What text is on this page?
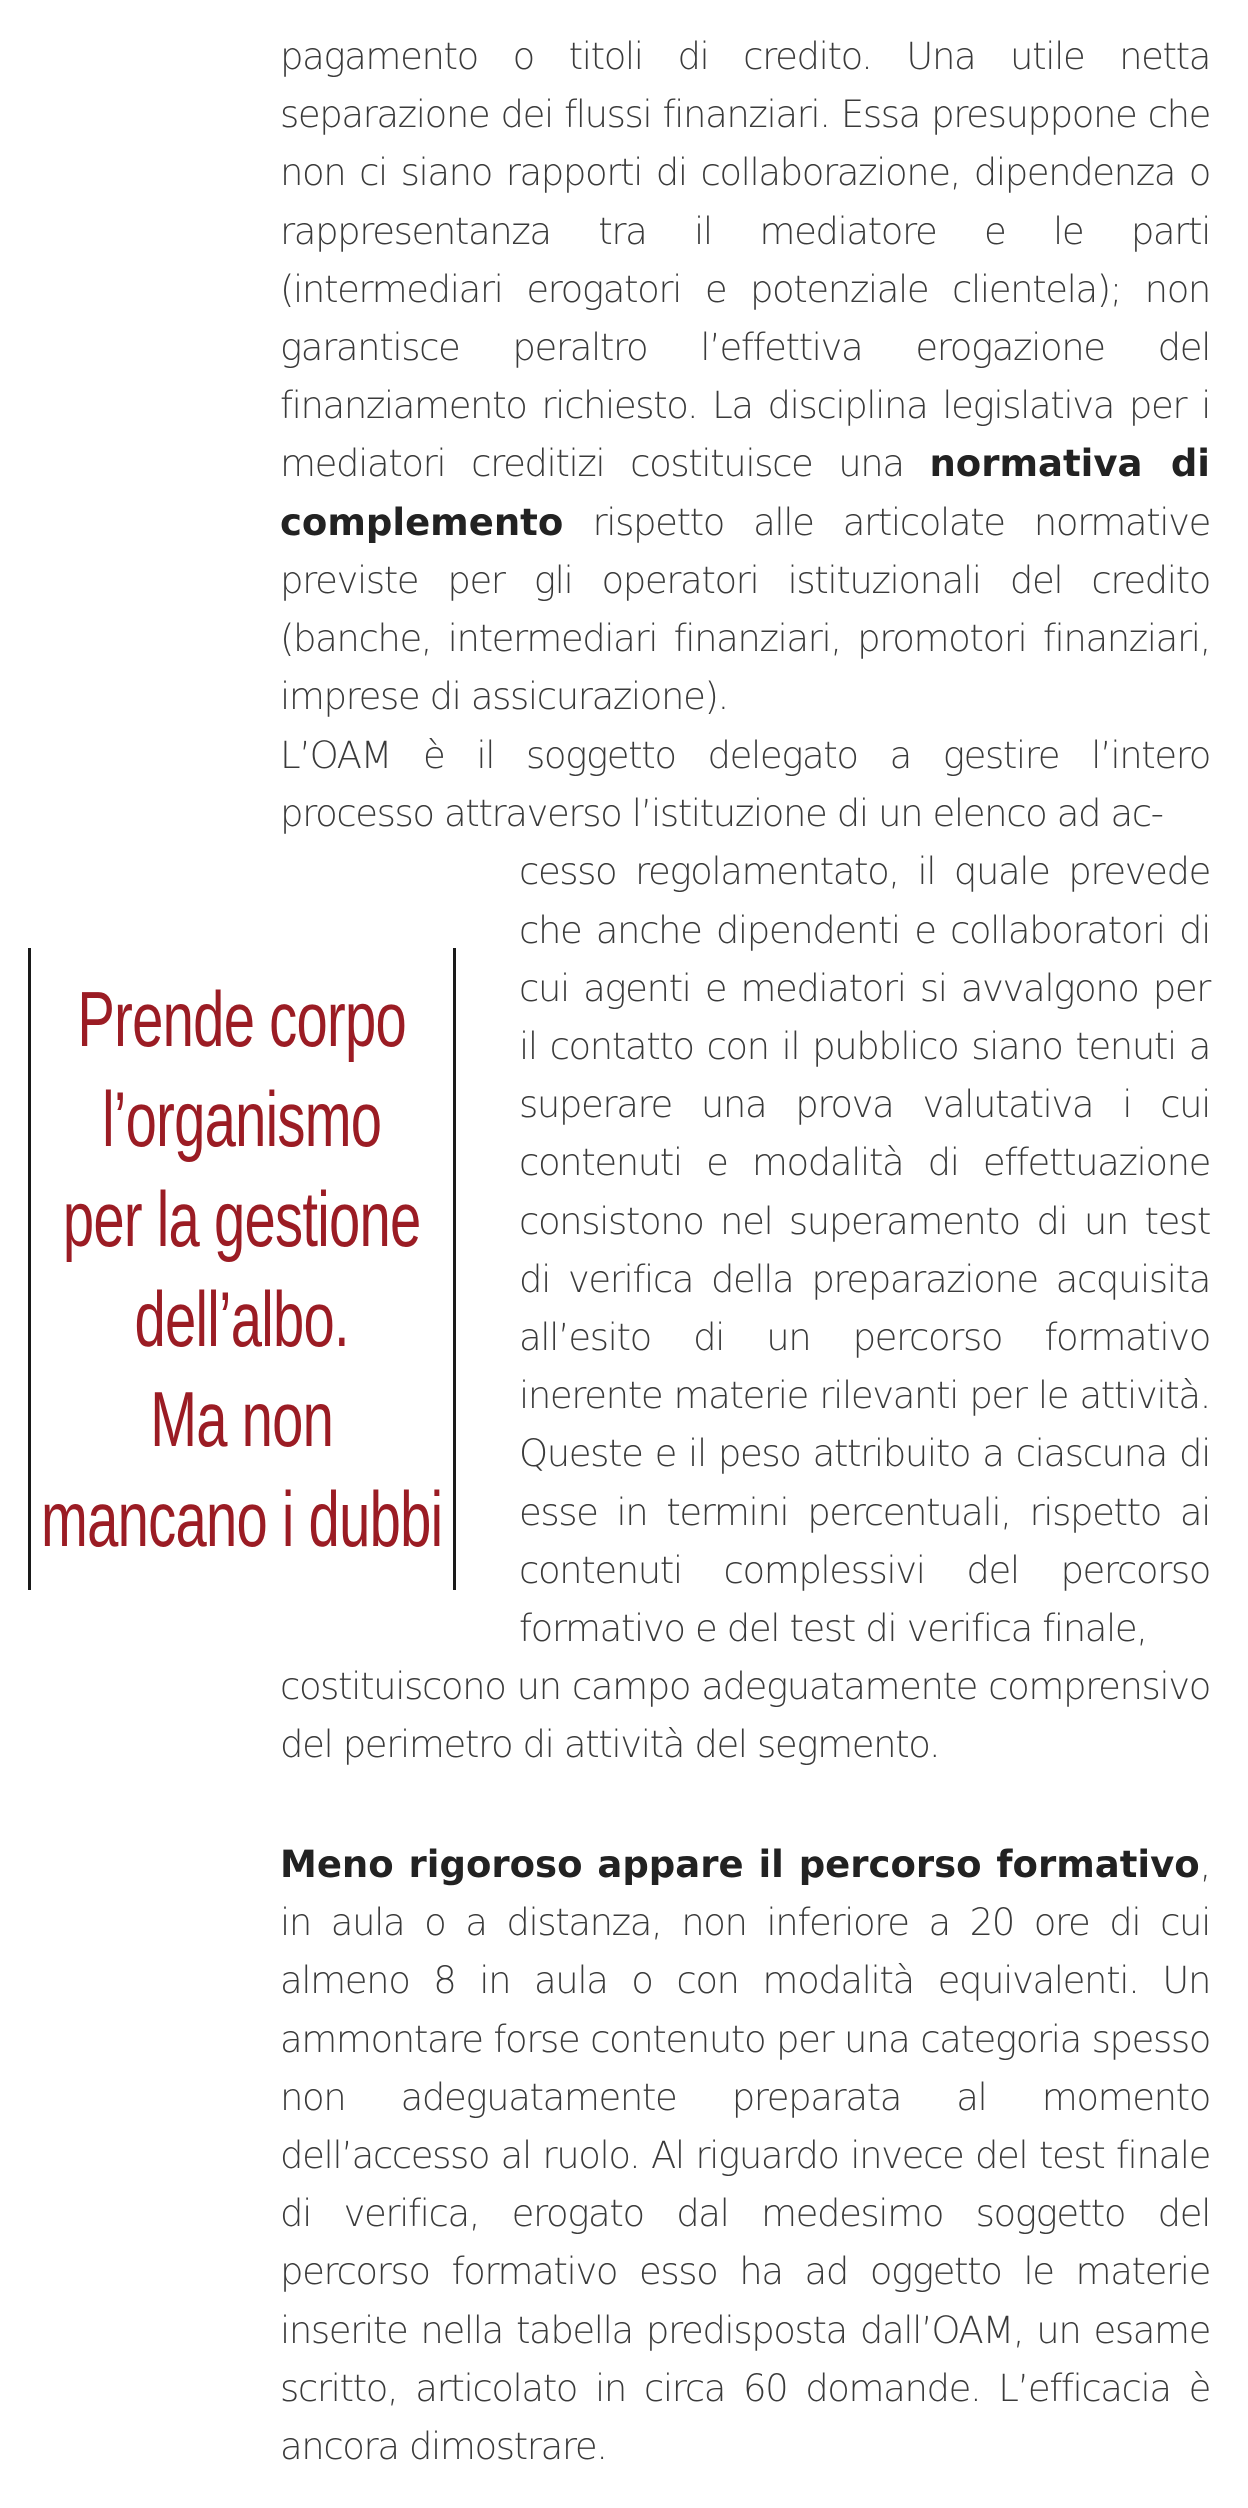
pagamento o titoli di credito. Una utile netta separazione dei flussi finanziari. Essa presuppone che non ci siano rapporti di collaborazione, dipendenza o rappresentanza tra il mediatore e le parti (intermediari erogatori e potenziale clientela); non garantisce peraltro l’effettiva erogazione del finanziamento richiesto. La disciplina legislativa per i mediatori creditizi costituisce una normativa di complemento rispetto alle articolate normative previste per gli operatori istituzionali del credito (banche, intermediari finanziari, promotori finanziari, imprese di assicurazione).

L’OAM è il soggetto delegato a gestire l’intero processo attraverso l’istituzione di un elenco ad ac-

cesso regolamentato, il quale prevede che anche dipendenti e collaboratori di cui agenti e mediatori si avvalgono per il contatto con il pubblico siano tenuti a superare una prova valutativa i cui contenuti e modalità di effettuazione consistono nel superamento di un test di verifica della preparazione acquisita all’esito di un percorso formativo inerente materie rilevanti per le attività. Queste e il peso attribuito a ciascuna di esse in termini percentuali, rispetto ai contenuti complessivi del percorso formativo e del test di verifica finale,

costituiscono un campo adeguatamente comprensivo del perimetro di attività del segmento.

Meno rigoroso appare il percorso formativo, in aula o a distanza, non inferiore a 20 ore di cui almeno 8 in aula o con modalità equivalenti. Un ammontare forse contenuto per una categoria spesso non adeguatamente preparata al momento dell’accesso al ruolo. Al riguardo invece del test finale di verifica, erogato dal medesimo soggetto del percorso formativo esso ha ad oggetto le materie inserite nella tabella predisposta dall’OAM, un esame scritto, articolato in circa 60 domande. L’efficacia è ancora dimostrare.

Prende corpo
l’organismo
per la gestione
dell’albo.
Ma non
mancano i dubbi
